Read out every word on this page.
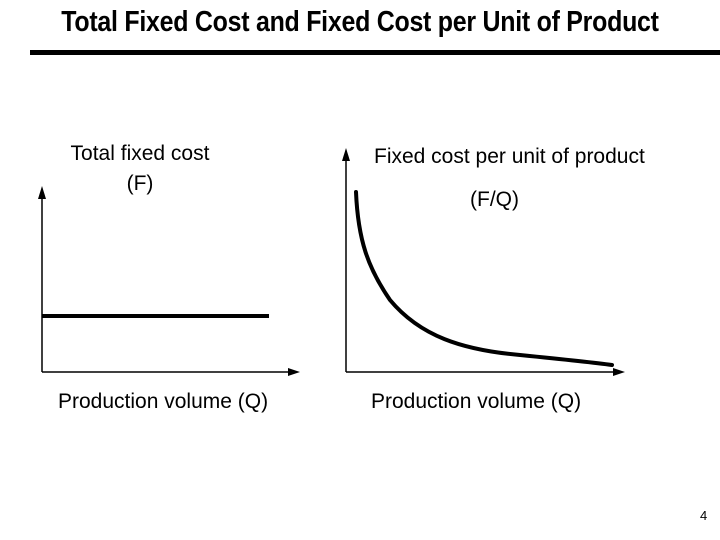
Total Fixed Cost and Fixed Cost per Unit of Product
Total fixed cost
(F)
Production volume (Q)
Fixed cost per unit of product
(F/Q)
Production volume (Q)
4
